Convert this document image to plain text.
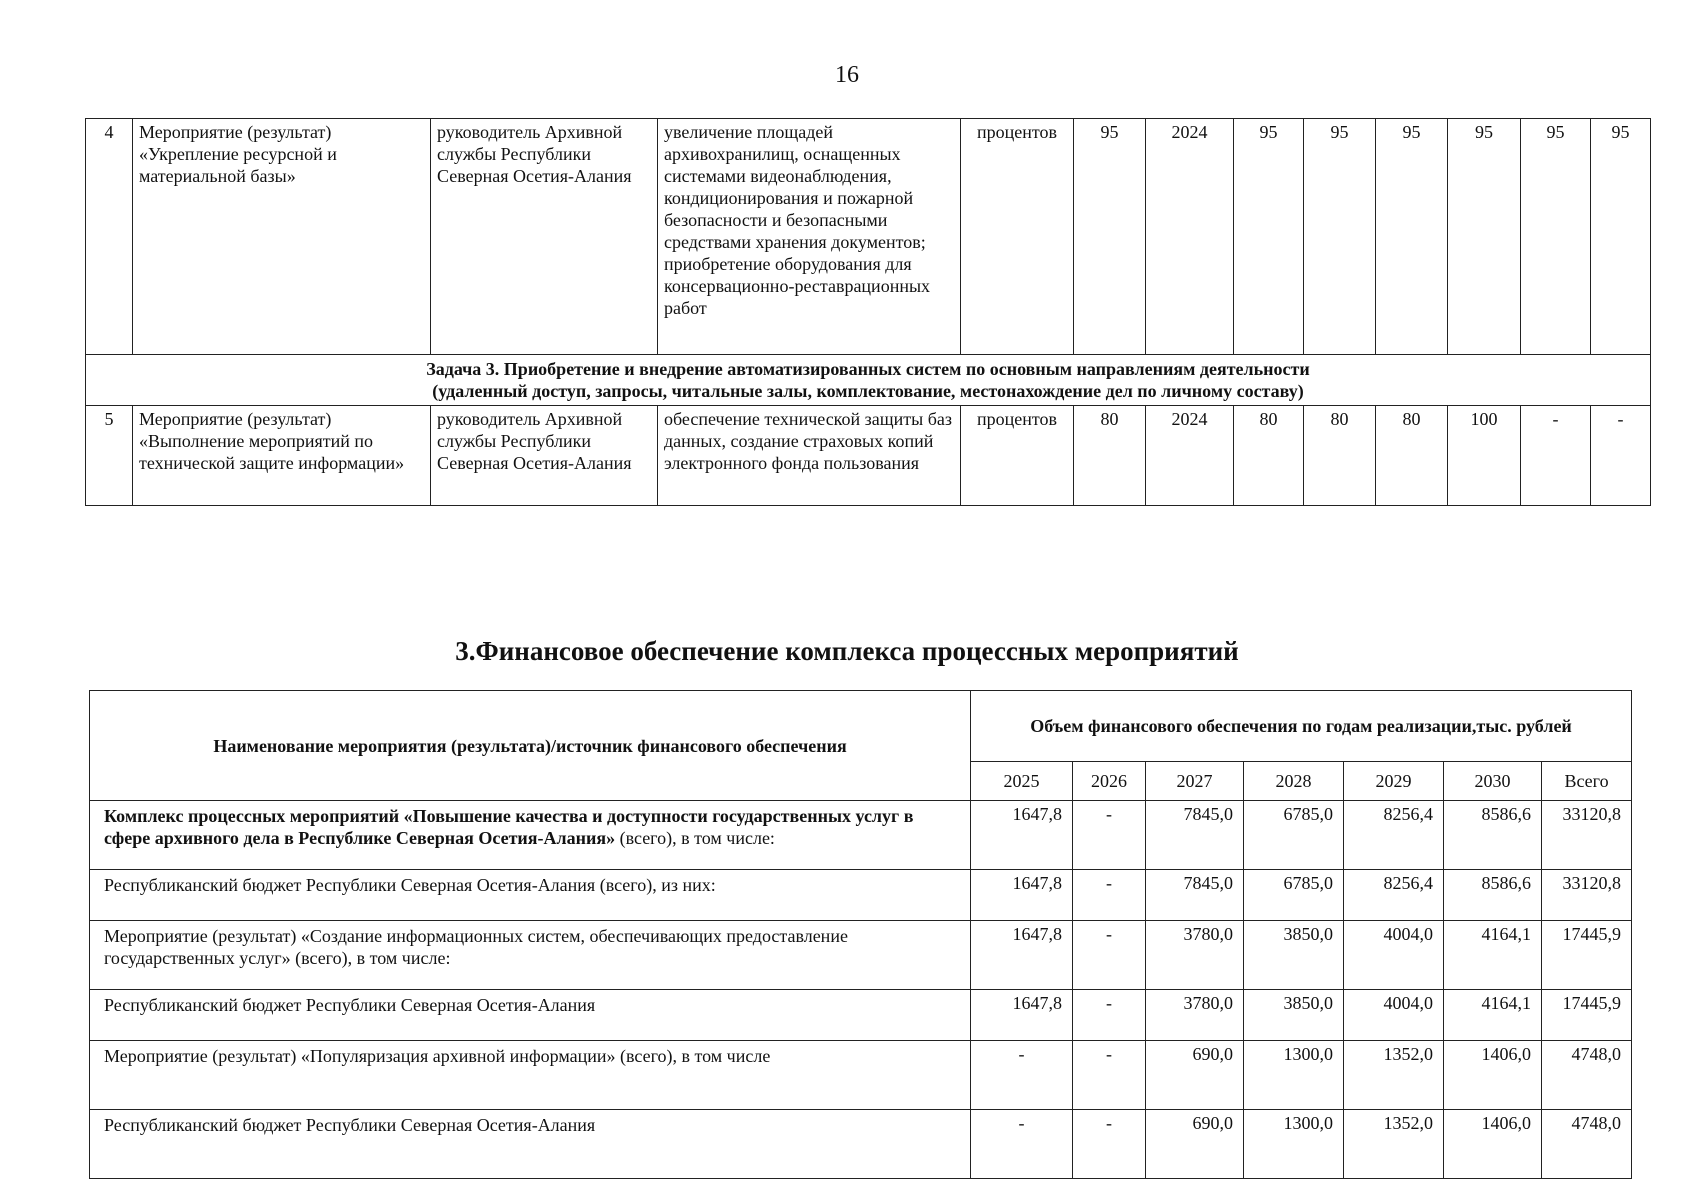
16
4	Мероприятие (результат) «Укрепление ресурсной и материальной базы»	руководитель Архивной службы Республики Северная Осетия-Алания	увеличение площадей архивохранилищ, оснащенных системами видеонаблюдения, кондиционирования и пожарной безопасности и безопасными средствами хранения документов; приобретение оборудования для консервационно-реставрационных работ	процентов	95	2024	95	95	95	95	95	95

Задача 3. Приобретение и внедрение автоматизированных систем по основным направлениям деятельности
(удаленный доступ, запросы, читальные залы, комплектование, местонахождение дел по личному составу)												

5	Мероприятие (результат) «Выполнение мероприятий по технической защите информации»	руководитель Архивной службы Республики Северная Осетия-Алания	обеспечение технической защиты баз данных, создание страховых копий электронного фонда пользования	процентов	80	2024	80	80	80	100	-	-
3.Финансовое обеспечение комплекса процессных мероприятий
Наименование мероприятия (результата)/источник финансового обеспечения	Объем финансового обеспечения по годам реализации,тыс. рублей						
	2025	2026	2027	2028	2029	2030	Всего
Комплекс процессных мероприятий «Повышение качества и доступности государственных услуг в сфере архивного дела в Республике Северная Осетия-Алания» (всего), в том числе:	1647,8	-	7845,0	6785,0	8256,4	8586,6	33120,8
Республиканский бюджет Республики Северная Осетия-Алания (всего), из них:	1647,8	-	7845,0	6785,0	8256,4	8586,6	33120,8
Мероприятие (результат) «Создание информационных систем, обеспечивающих предоставление государственных услуг» (всего), в том числе:	1647,8	-	3780,0	3850,0	4004,0	4164,1	17445,9
Республиканский бюджет Республики Северная Осетия-Алания	1647,8	-	3780,0	3850,0	4004,0	4164,1	17445,9
Мероприятие (результат) «Популяризация архивной информации» (всего), в том числе	-	-	690,0	1300,0	1352,0	1406,0	4748,0
Республиканский бюджет Республики Северная Осетия-Алания	-	-	690,0	1300,0	1352,0	1406,0	4748,0
